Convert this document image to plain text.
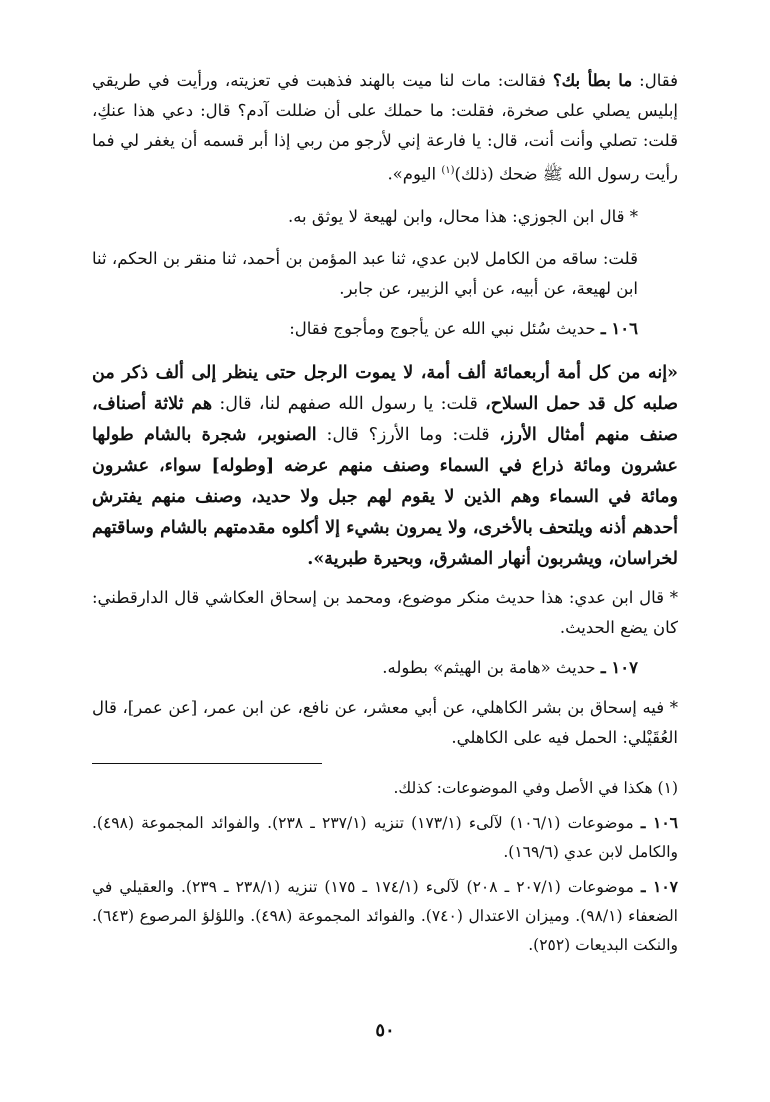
فقال: ما بطأ بك؟ فقالت: مات لنا ميت بالهند فذهبت في تعزيته، ورأيت في طريقي إبليس يصلي على صخرة، فقلت: ما حملك على أن ضللت آدم؟ قال: دعي هذا عنكِ، قلت: تصلي وأنت أنت، قال: يا فارعة إني لأرجو من ربي إذا أبر قسمه أن يغفر لي فما رأيت رسول الله ﷺ ضحك (ذلك)$^{(١)}$ اليوم».

* قال ابن الجوزي: هذا محال، وابن لهيعة لا يوثق به.

قلت: ساقه من الكامل لابن عدي، ثنا عبد المؤمن بن أحمد، ثنا منقر بن الحكم، ثنا ابن لهيعة، عن أبيه، عن أبي الزبير، عن جابر.

١٠٦ ـ حديث سُئل نبي الله عن يأجوج ومأجوج فقال:

«إنه من كل أمة أربعمائة ألف أمة، لا يموت الرجل حتى ينظر إلى ألف ذكر من صلبه كل قد حمل السلاح، قلت: يا رسول الله صفهم لنا، قال: هم ثلاثة أصناف، صنف منهم أمثال الأرز، قلت: وما الأرز؟ قال: الصنوبر، شجرة بالشام طولها عشرون ومائة ذراع في السماء وصنف منهم عرضه [وطوله] سواء، عشرون ومائة في السماء وهم الذين لا يقوم لهم جبل ولا حديد، وصنف منهم يفترش أحدهم أذنه ويلتحف بالأخرى، ولا يمرون بشيء إلا أكلوه مقدمتهم بالشام وساقتهم لخراسان، ويشربون أنهار المشرق، وبحيرة طبرية».

* قال ابن عدي: هذا حديث منكر موضوع، ومحمد بن إسحاق العكاشي قال الدارقطني: كان يضع الحديث.

١٠٧ ـ حديث «هامة بن الهيثم» بطوله.

* فيه إسحاق بن بشر الكاهلي، عن أبي معشر، عن نافع، عن ابن عمر، [عن عمر]، قال العُقَيْلي: الحمل فيه على الكاهلي.

(١) هكذا في الأصل وفي الموضوعات: كذلك.

١٠٦ ـ موضوعات (١٠٦/١) لآلىء (١٧٣/١) تنزيه (٢٣٧/١ ـ ٢٣٨). والفوائد المجموعة (٤٩٨). والكامل لابن عدي (١٦٩/٦).

١٠٧ ـ موضوعات (٢٠٧/١ ـ ٢٠٨) لآلىء (١٧٤/١ ـ ١٧٥) تنزيه (٢٣٨/١ ـ ٢٣٩). والعقيلي في الضعفاء (٩٨/١). وميزان الاعتدال (٧٤٠). والفوائد المجموعة (٤٩٨). واللؤلؤ المرصوع (٦٤٣). والنكت البديعات (٢٥٢).

٥٠
